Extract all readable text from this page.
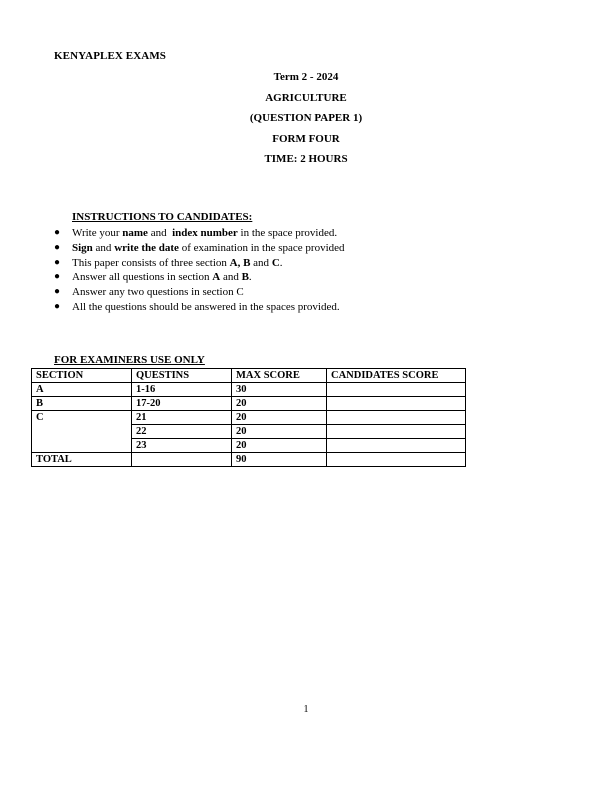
KENYAPLEX EXAMS
Term 2 - 2024
AGRICULTURE
(QUESTION PAPER 1)
FORM FOUR
TIME: 2 HOURS
INSTRUCTIONS TO CANDIDATES:
● Write your name and  index number in the space provided.
● Sign and write the date of examination in the space provided
● This paper consists of three section A, B and C.
● Answer all questions in section A and B.
● Answer any two questions in section C
● All the questions should be answered in the spaces provided.
FOR EXAMINERS USE ONLY
SECTION	QUESTINS	MAX SCORE	CANDIDATES SCORE
A	1-16	30	
B	17-20	20	
C	21	20	
	22	20	
	23	20	
TOTAL		90	
1
